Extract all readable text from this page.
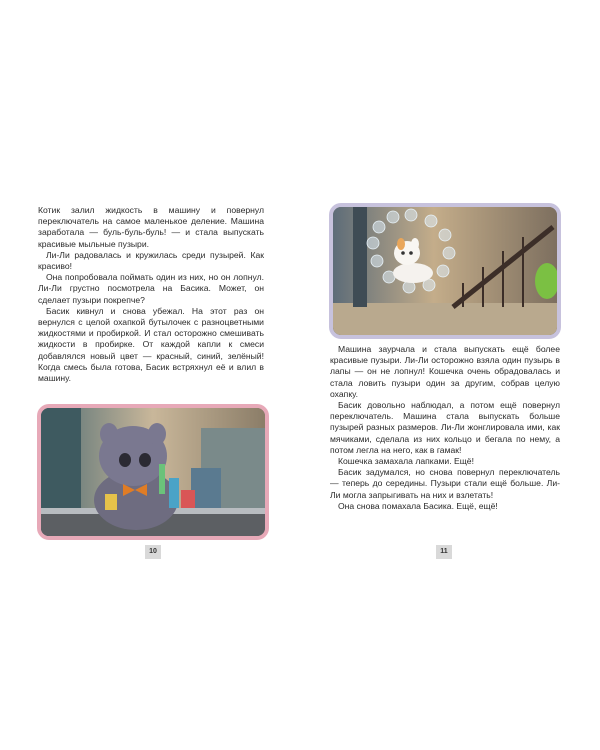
Котик залил жидкость в машину и повернул переключатель на самое маленькое деление. Машина заработала — буль-буль-буль! — и стала выпускать красивые мыльные пузыри.

Ли-Ли радовалась и кружилась среди пузырей. Как красиво!

Она попробовала поймать один из них, но он лопнул. Ли-Ли грустно посмотрела на Басика. Может, он сделает пузыри покрепче?

Басик кивнул и снова убежал. На этот раз он вернулся с целой охапкой бутылочек с разноцветными жидкостями и пробиркой. И стал осторожно смешивать жидкости в пробирке. От каждой капли к смеси добавлялся новый цвет — красный, синий, зелёный! Когда смесь была готова, Басик встряхнул её и влил в машину.

10

Машина заурчала и стала выпускать ещё более красивые пузыри. Ли-Ли осторожно взяла один пузырь в лапы — он не лопнул! Кошечка очень обрадовалась и стала ловить пузыри один за другим, собрав целую охапку.

Басик довольно наблюдал, а потом ещё повернул переключатель. Машина стала выпускать больше пузырей разных размеров. Ли-Ли жонглировала ими, как мячиками, сделала из них кольцо и бегала по нему, а потом легла на него, как в гамак!

Кошечка замахала лапками. Ещё!

Басик задумался, но снова повернул переключатель — теперь до середины. Пузыри стали ещё больше. Ли-Ли могла запрыгивать на них и взлетать!

Она снова помахала Басика. Ещё, ещё!

11
